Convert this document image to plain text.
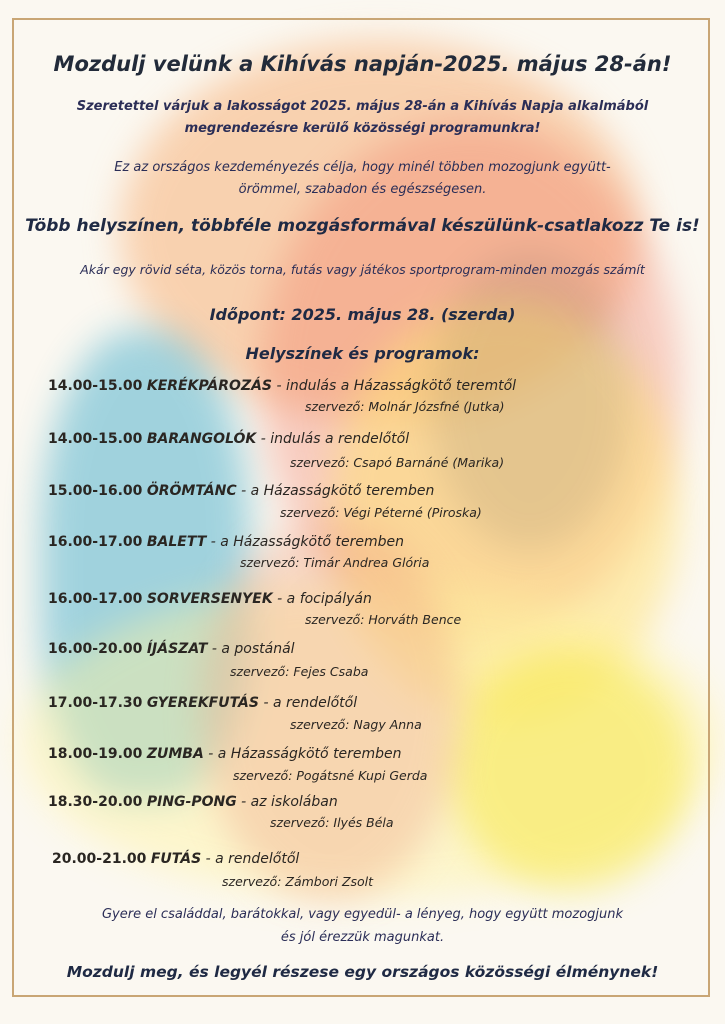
Mozdulj velünk a Kihívás napján-2025. május 28-án!

Szeretettel várjuk a lakosságot 2025. május 28-án a Kihívás Napja alkalmából

megrendezésre kerülő közösségi programunkra!

Ez az országos kezdeményezés célja, hogy minél többen mozogjunk együtt-

örömmel, szabadon és egészségesen.

Több helyszínen, többféle mozgásformával készülünk-csatlakozz Te is!

Akár egy rövid séta, közös torna, futás vagy játékos sportprogram-minden mozgás számít

Időpont: 2025. május 28. (szerda)

Helyszínek és programok:

14.00-15.00 KERÉKPÁROZÁS - indulás a Házasságkötő teremtől

szervező: Molnár Józsfné (Jutka)

14.00-15.00 BARANGOLÓK - indulás a rendelőtől

szervező: Csapó Barnáné (Marika)

15.00-16.00 ÖRÖMTÁNC - a Házasságkötő teremben

szervező: Végi Péterné (Piroska)

16.00-17.00 BALETT - a Házasságkötő teremben

szervező: Timár Andrea Glória

16.00-17.00 SORVERSENYEK - a focipályán

szervező: Horváth Bence

16.00-20.00 ÍJÁSZAT - a postánál

szervező: Fejes Csaba

17.00-17.30 GYEREKFUTÁS - a rendelőtől

szervező: Nagy Anna

18.00-19.00 ZUMBA - a Házasságkötő teremben

szervező: Pogátsné Kupi Gerda

18.30-20.00 PING-PONG - az iskolában

szervező: Ilyés Béla

20.00-21.00 FUTÁS - a rendelőtől

szervező: Zámbori Zsolt

Gyere el családdal, barátokkal, vagy egyedül- a lényeg, hogy együtt mozogjunk

és jól érezzük magunkat.

Mozdulj meg, és legyél részese egy országos közösségi élménynek!
